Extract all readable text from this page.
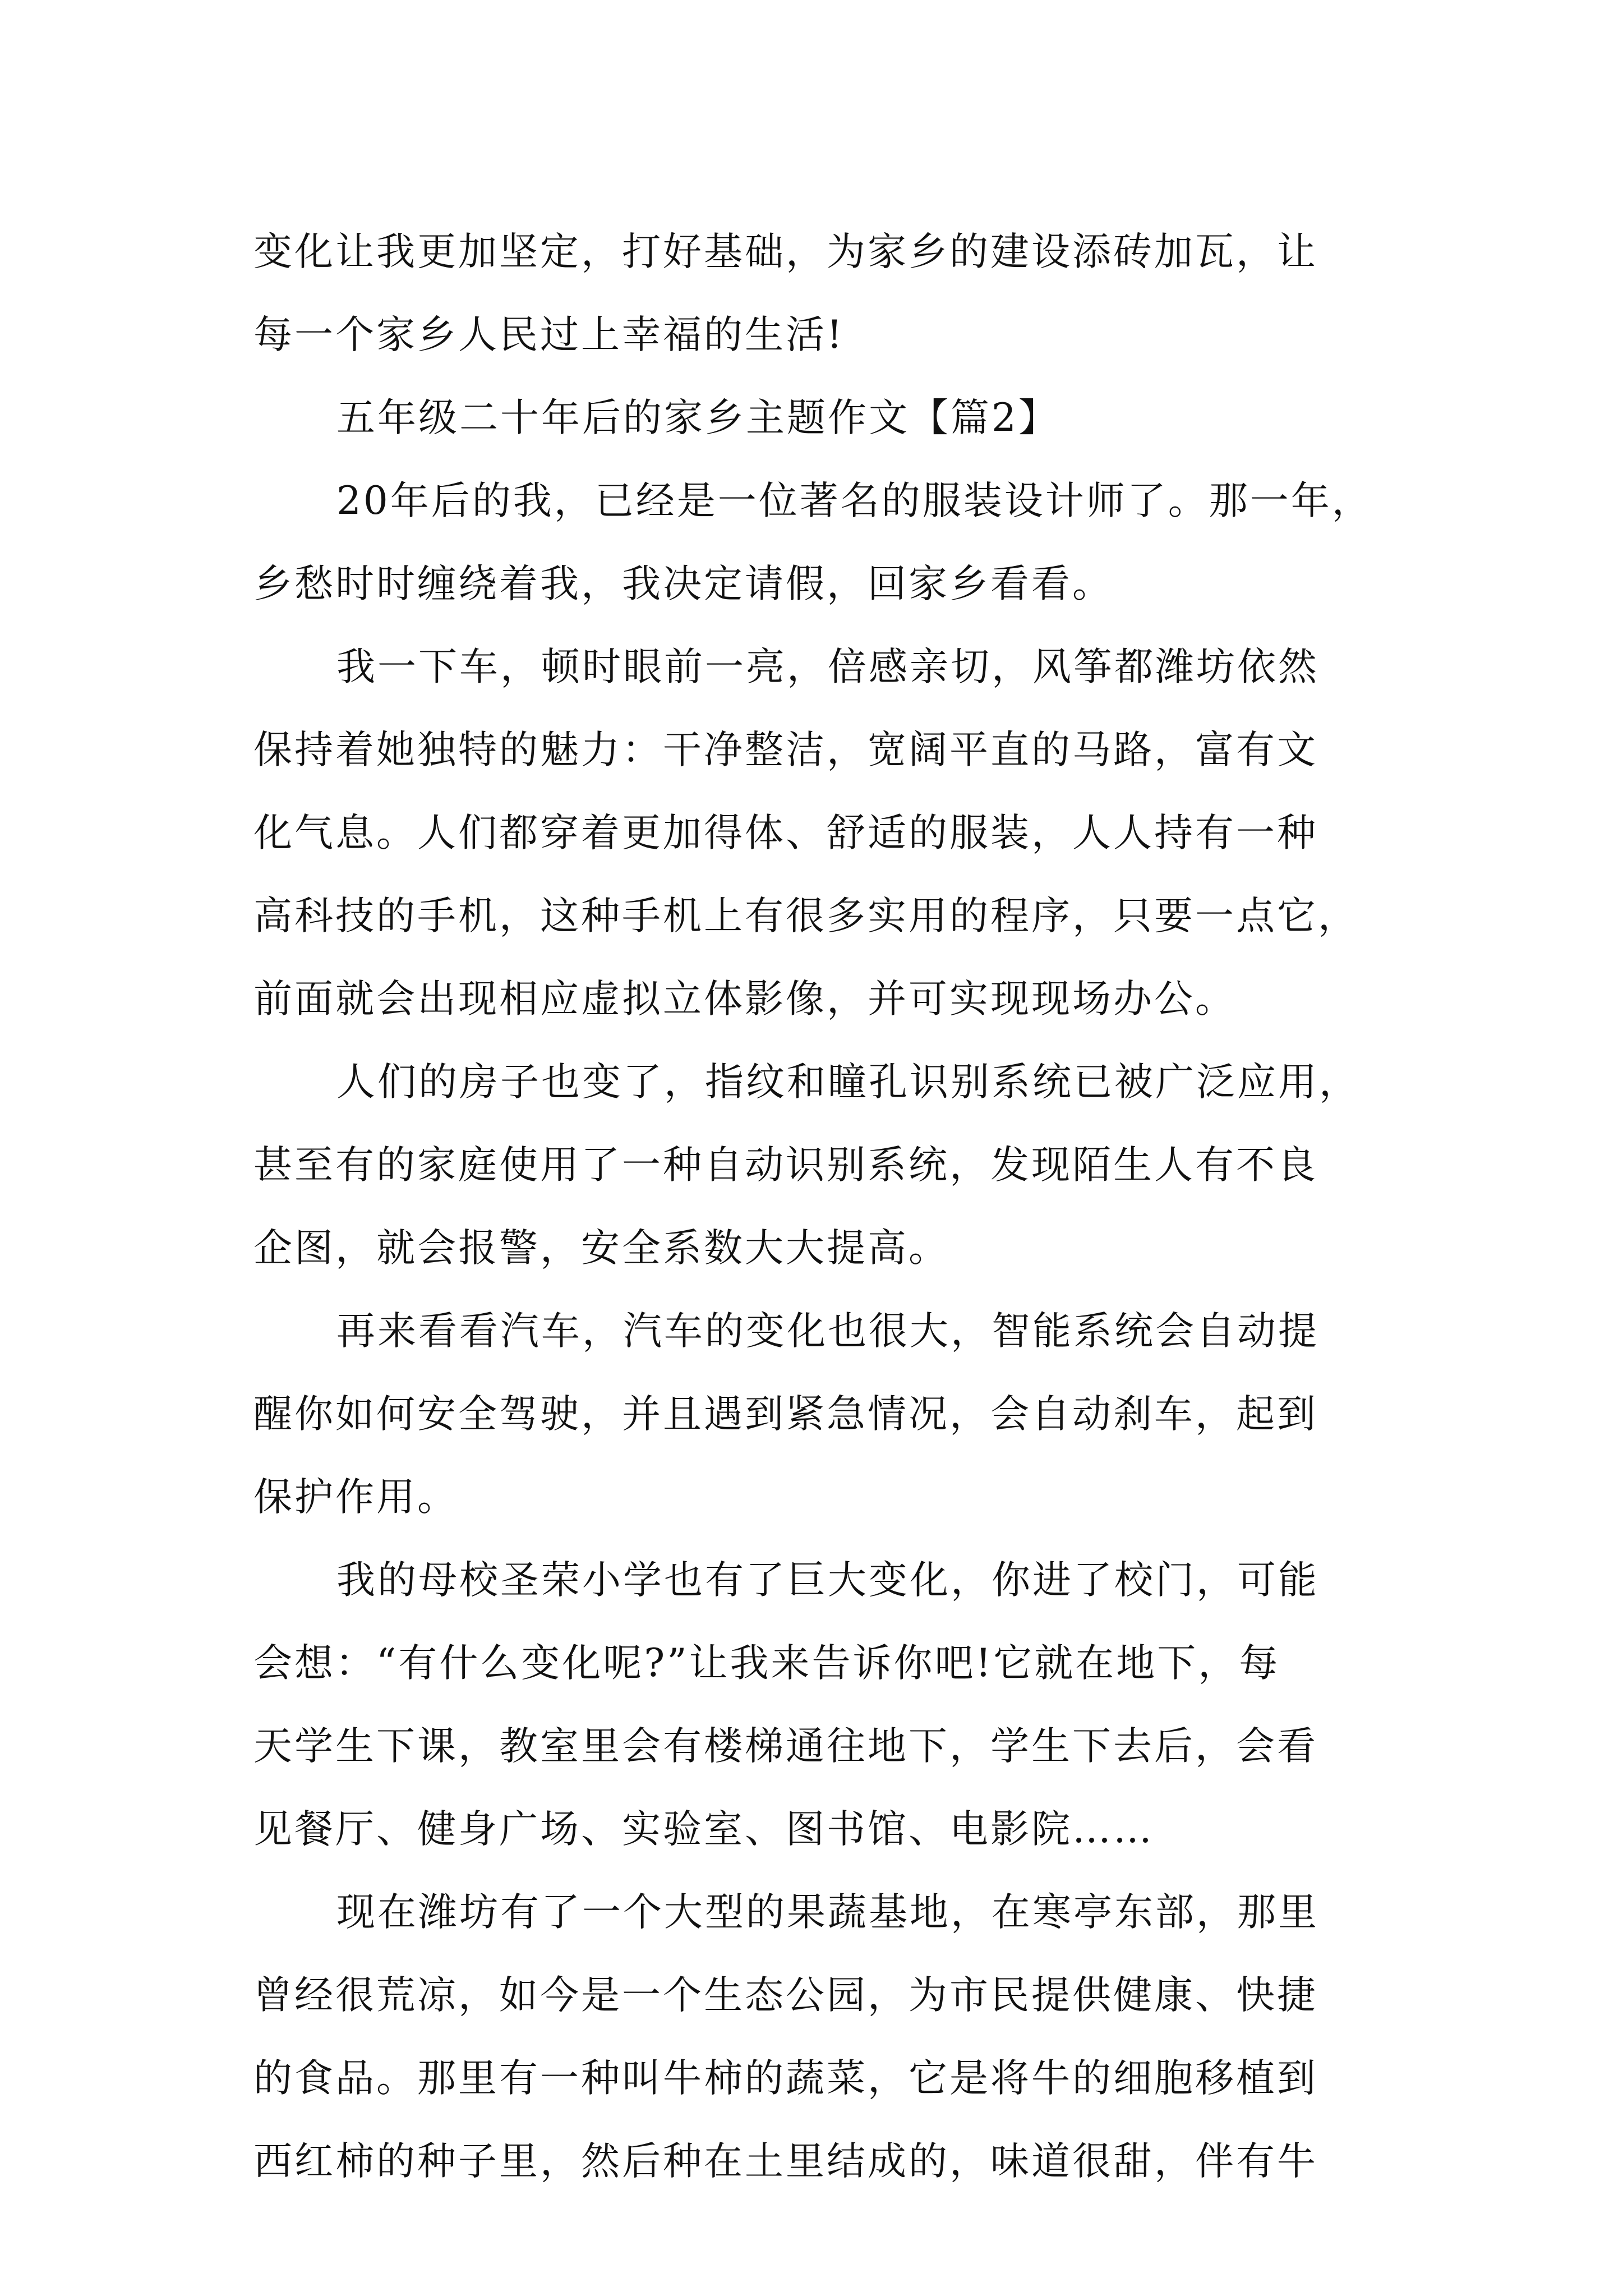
变化让我更加坚定，打好基础，为家乡的建设添砖加瓦，让
每一个家乡人民过上幸福的生活!
五年级二十年后的家乡主题作文【篇2】
20年后的我，已经是一位著名的服装设计师了。那一年，
乡愁时时缠绕着我，我决定请假，回家乡看看。
我一下车，顿时眼前一亮，倍感亲切，风筝都潍坊依然
保持着她独特的魅力：干净整洁，宽阔平直的马路，富有文
化气息。人们都穿着更加得体、舒适的服装，人人持有一种
高科技的手机，这种手机上有很多实用的程序，只要一点它，
前面就会出现相应虚拟立体影像，并可实现现场办公。
人们的房子也变了，指纹和瞳孔识别系统已被广泛应用，
甚至有的家庭使用了一种自动识别系统，发现陌生人有不良
企图，就会报警，安全系数大大提高。
再来看看汽车，汽车的变化也很大，智能系统会自动提
醒你如何安全驾驶，并且遇到紧急情况，会自动刹车，起到
保护作用。
我的母校圣荣小学也有了巨大变化，你进了校门，可能
会想：“有什么变化呢?”让我来告诉你吧!它就在地下，每
天学生下课，教室里会有楼梯通往地下，学生下去后，会看
见餐厅、健身广场、实验室、图书馆、电影院……
现在潍坊有了一个大型的果蔬基地，在寒亭东部，那里
曾经很荒凉，如今是一个生态公园，为市民提供健康、快捷
的食品。那里有一种叫牛柿的蔬菜，它是将牛的细胞移植到
西红柿的种子里，然后种在土里结成的，味道很甜，伴有牛
